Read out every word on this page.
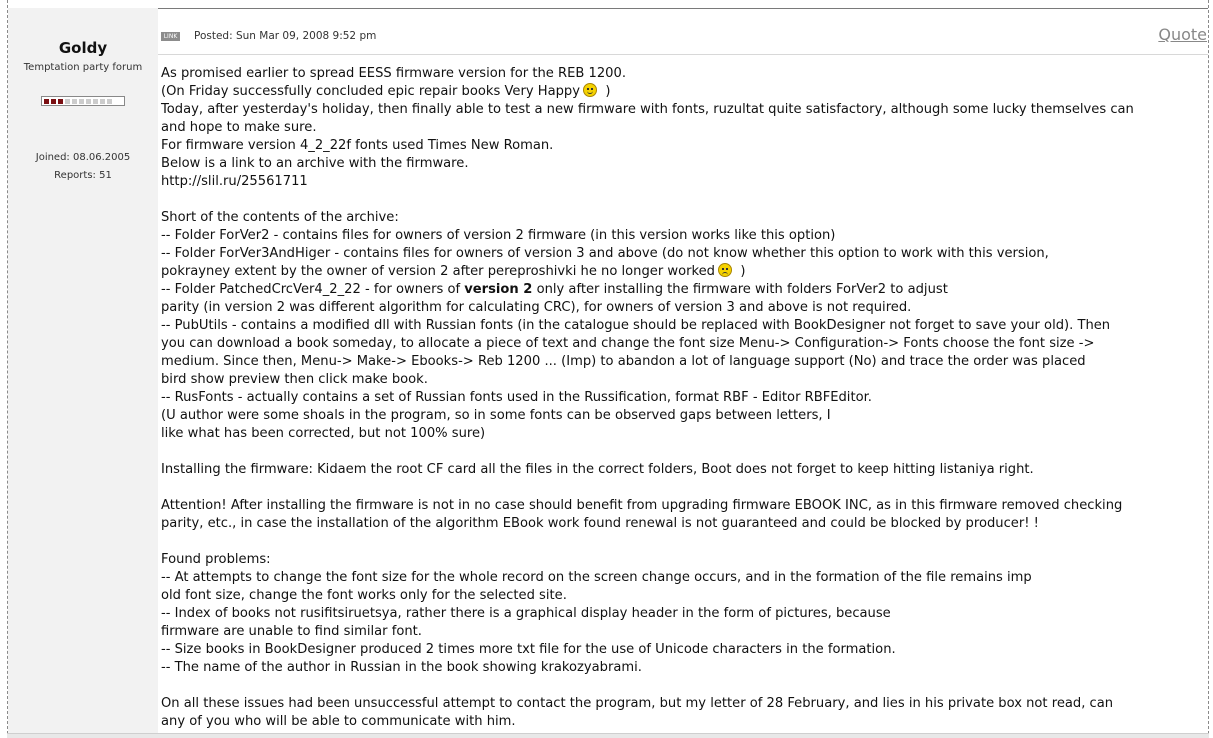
Goldy
Temptation party forum
Joined: 08.06.2005
Reports: 51
LINK Posted: Sun Mar 09, 2008 9:52 pm	Quote
As promised earlier to spread EESS firmware version for the REB 1200.
(On Friday successfully concluded epic repair books Very Happy )
Today, after yesterday's holiday, then finally able to test a new firmware with fonts, ruzultat quite satisfactory, although some lucky themselves can
and hope to make sure.
For firmware version 4_2_22f fonts used Times New Roman.
Below is a link to an archive with the firmware.
http://slil.ru/25561711
Short of the contents of the archive:
-- Folder ForVer2 - contains files for owners of version 2 firmware (in this version works like this option)
-- Folder ForVer3AndHiger - contains files for owners of version 3 and above (do not know whether this option to work with this version,
pokrayney extent by the owner of version 2 after pereproshivki he no longer worked )
-- Folder PatchedCrcVer4_2_22 - for owners of version 2 only after installing the firmware with folders ForVer2 to adjust
parity (in version 2 was different algorithm for calculating CRC), for owners of version 3 and above is not required.
-- PubUtils - contains a modified dll with Russian fonts (in the catalogue should be replaced with BookDesigner not forget to save your old). Then
you can download a book someday, to allocate a piece of text and change the font size Menu-> Configuration-> Fonts choose the font size ->
medium. Since then, Menu-> Make-> Ebooks-> Reb 1200 ... (Imp) to abandon a lot of language support (No) and trace the order was placed
bird show preview then click make book.
-- RusFonts - actually contains a set of Russian fonts used in the Russification, format RBF - Editor RBFEditor.
(U author were some shoals in the program, so in some fonts can be observed gaps between letters, I
like what has been corrected, but not 100% sure)
Installing the firmware: Kidaem the root CF card all the files in the correct folders, Boot does not forget to keep hitting listaniya right.
Attention! After installing the firmware is not in no case should benefit from upgrading firmware EBOOK INC, as in this firmware removed checking
parity, etc., in case the installation of the algorithm EBook work found renewal is not guaranteed and could be blocked by producer! !
Found problems:
-- At attempts to change the font size for the whole record on the screen change occurs, and in the formation of the file remains imp
old font size, change the font works only for the selected site.
-- Index of books not rusifitsiruetsya, rather there is a graphical display header in the form of pictures, because
firmware are unable to find similar font.
-- Size books in BookDesigner produced 2 times more txt file for the use of Unicode characters in the formation.
-- The name of the author in Russian in the book showing krakozyabrami.
On all these issues had been unsuccessful attempt to contact the program, but my letter of 28 February, and lies in his private box not read, can
any of you who will be able to communicate with him.
